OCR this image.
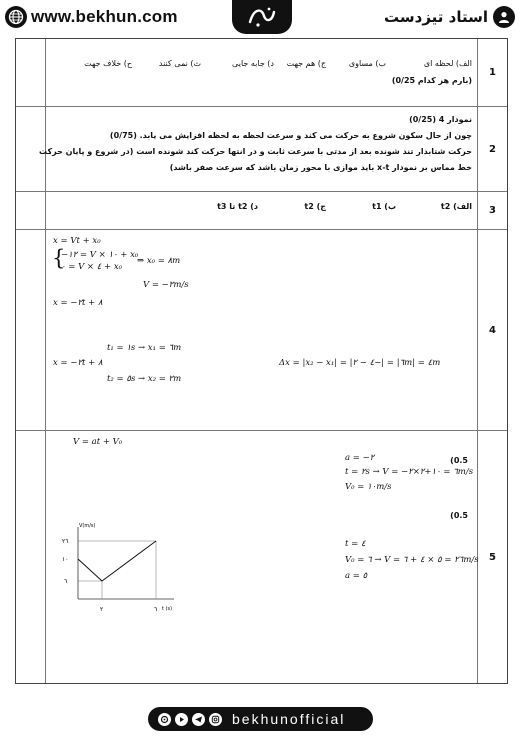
www.bekhun.com	استاد تیزدست
1
الف) لحظه ای
ب) مساوی
ج) هم جهت
د) جابه جایی
ث) نمی کنند
ح) خلاف جهت
(بارم هر کدام 0/25)
2
نمودار 4 (0/25)
چون از حال سکون شروع به حرکت می کند و سرعت لحظه به لحظه افزایش می یابد. (0/75)
حرکت شتابدار تند شونده بعد از مدتی با سرعت ثابت و در انتها حرکت کند شونده است (در شروع و پایان حرکت
خط مماس بر نمودار x-t باید موازی با محور زمان باشد که سرعت صفر باشد)
3
الف) t2
ب) t1
ج) t2
د) t2 تا t3
4
x = Vt + x₀
{
−۱۲ = V × ۱۰ + x₀
۰ = V × ٤ + x₀
⇒ x₀ = ۸m
V = −۲m/s
x = −۲t + ۸
t₁ = ۱s → x₁ = ٦m
x = −۲t + ۸
t₂ = ٥s → x₂ = ۲m
Δx = |x₂ − x₁| = |۲ − ٦| = |−٤m| = ٤m
5
V = at + V₀
(0.5
a = −۲
t = ۲s → V = −۲×۲+۱۰ = ٦m/s
V₀ = ۱۰m/s
(0.5
t = ٤
V₀ = ٦ → V = ٥ × ٤ + ٦ = ۲٦m/s
a = ٥
V(m/s)
t (s)
۲٦
۱۰
٦
۲	٦
bekhunofficial
